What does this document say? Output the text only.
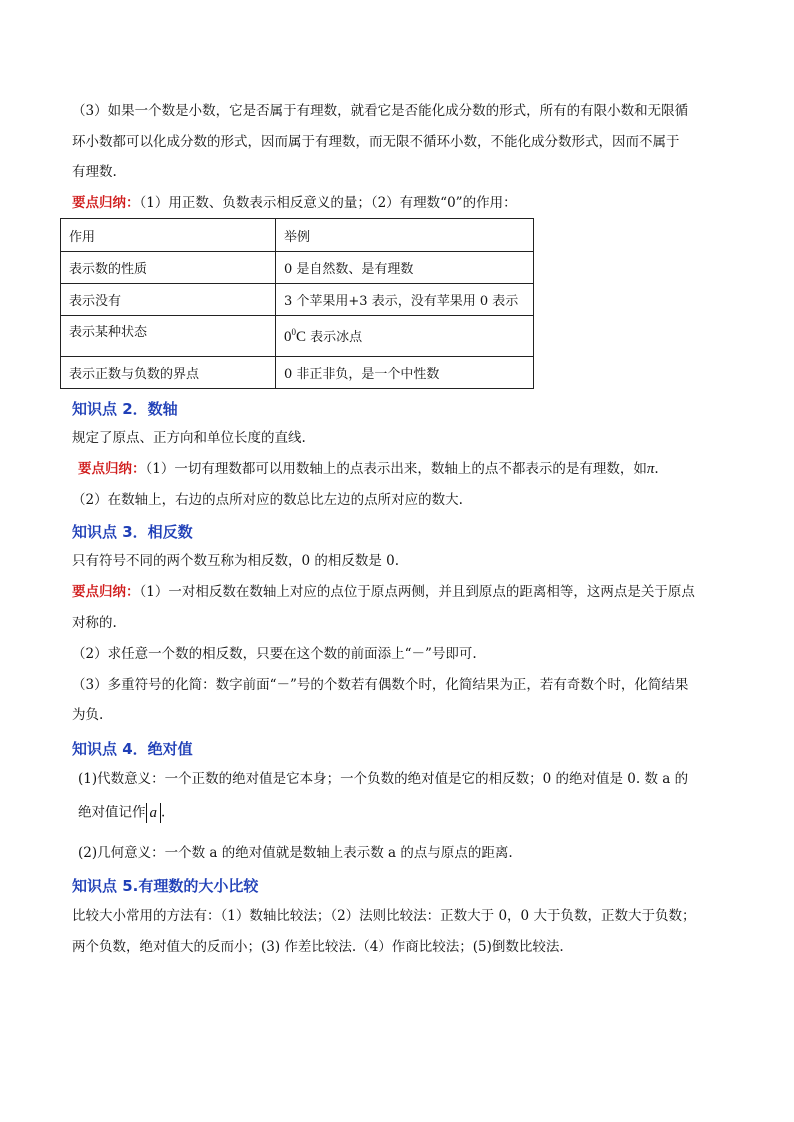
（3）如果一个数是小数，它是否属于有理数，就看它是否能化成分数的形式，所有的有限小数和无限循
环小数都可以化成分数的形式，因而属于有理数，而无限不循环小数，不能化成分数形式，因而不属于
有理数.
要点归纳：（1）用正数、负数表示相反意义的量；（2）有理数“0”的作用：
作用	举例
表示数的性质	0 是自然数、是有理数
表示没有	3 个苹果用+3 表示，没有苹果用 0 表示
表示某种状态	$0^0C$ 表示冰点
表示正数与负数的界点	0 非正非负，是一个中性数
知识点 2．数轴
规定了原点、正方向和单位长度的直线.
要点归纳：（1）一切有理数都可以用数轴上的点表示出来，数轴上的点不都表示的是有理数，如π.
（2）在数轴上，右边的点所对应的数总比左边的点所对应的数大.
知识点 3．相反数
只有符号不同的两个数互称为相反数，0 的相反数是 0.
要点归纳：（1）一对相反数在数轴上对应的点位于原点两侧，并且到原点的距离相等，这两点是关于原点
对称的.
（2）求任意一个数的相反数，只要在这个数的前面添上“－”号即可.
（3）多重符号的化简：数字前面“－”号的个数若有偶数个时，化简结果为正，若有奇数个时，化简结果
为负.
知识点 4．绝对值
(1)代数意义：一个正数的绝对值是它本身；一个负数的绝对值是它的相反数；0 的绝对值是 0. 数 a 的
绝对值记作 a .
(2)几何意义：一个数 a 的绝对值就是数轴上表示数 a 的点与原点的距离.
知识点 5.有理数的大小比较
比较大小常用的方法有：（1）数轴比较法；（2）法则比较法：正数大于 0，0 大于负数，正数大于负数；
两个负数，绝对值大的反而小；(3) 作差比较法.（4）作商比较法；(5)倒数比较法.
